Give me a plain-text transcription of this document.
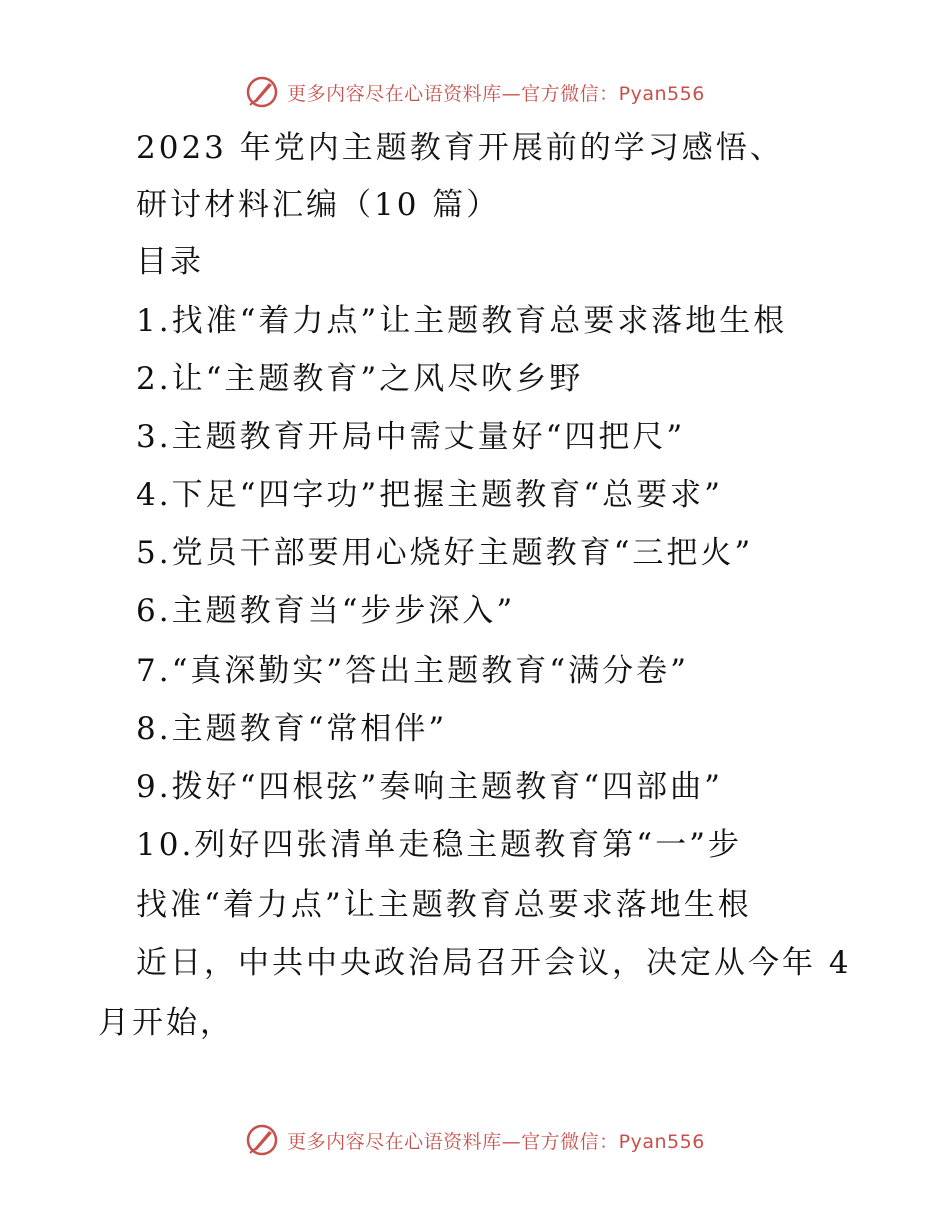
更多内容尽在心语资料库—官方微信：Pyan556
2023 年党内主题教育开展前的学习感悟、
研讨材料汇编（10 篇）
目录
1.找准“着力点”让主题教育总要求落地生根
2.让“主题教育”之风尽吹乡野
3.主题教育开局中需丈量好“四把尺”
4.下足“四字功”把握主题教育“总要求”
5.党员干部要用心烧好主题教育“三把火”
6.主题教育当“步步深入”
7.“真深勤实”答出主题教育“满分卷”
8.主题教育“常相伴”
9.拨好“四根弦”奏响主题教育“四部曲”
10.列好四张清单走稳主题教育第“一”步
找准“着力点”让主题教育总要求落地生根
近日，中共中央政治局召开会议，决定从今年 4
月开始，
更多内容尽在心语资料库—官方微信：Pyan556
